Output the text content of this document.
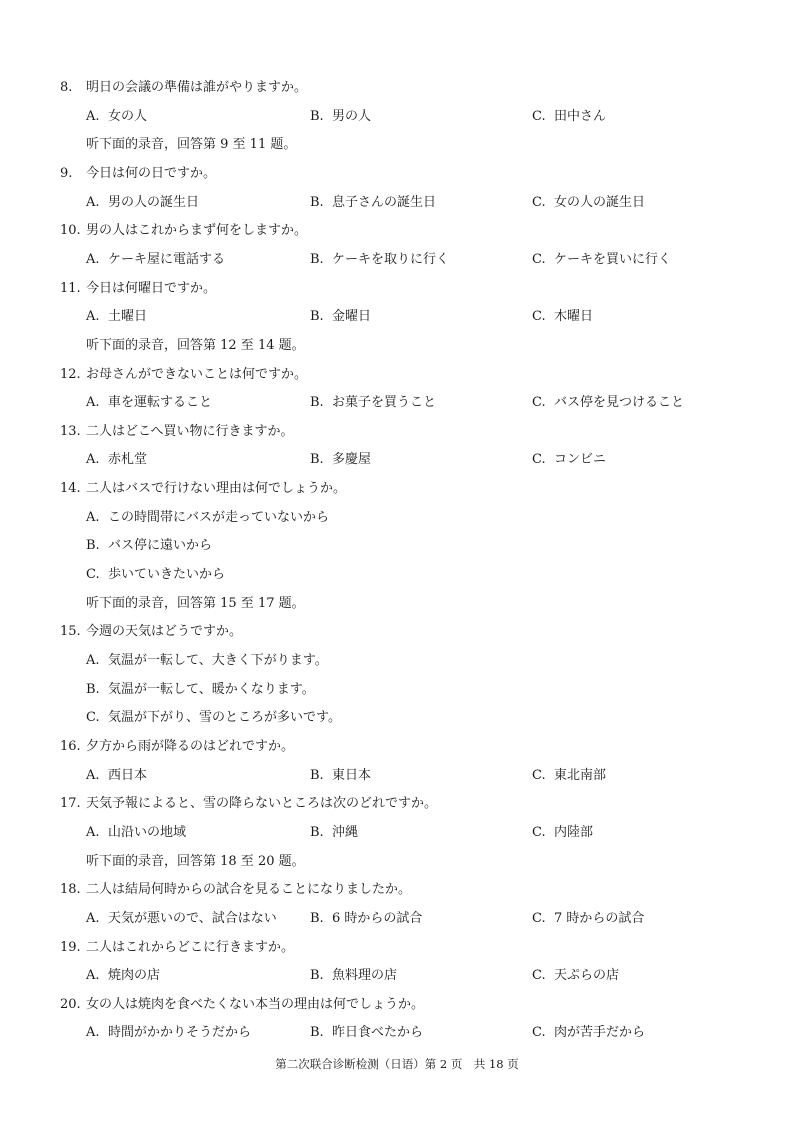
8. 明日の会議の準備は誰がやりますか。
A. 女の人	B. 男の人	C. 田中さん
听下面的录音，回答第 9 至 11 题。
9. 今日は何の日ですか。
A. 男の人の誕生日	B. 息子さんの誕生日	C. 女の人の誕生日
10. 男の人はこれからまず何をしますか。
A. ケーキ屋に電話する	B. ケーキを取りに行く	C. ケーキを買いに行く
11. 今日は何曜日ですか。
A. 土曜日	B. 金曜日	C. 木曜日
听下面的录音，回答第 12 至 14 题。
12. お母さんができないことは何ですか。
A. 車を運転すること	B. お菓子を買うこと	C. バス停を見つけること
13. 二人はどこへ買い物に行きますか。
A. 赤札堂	B. 多慶屋	C. コンビニ
14. 二人はバスで行けない理由は何でしょうか。
A. この時間帯にバスが走っていないから
B. バス停に遠いから
C. 歩いていきたいから
听下面的录音，回答第 15 至 17 题。
15. 今週の天気はどうですか。
A. 気温が一転して、大きく下がります。
B. 気温が一転して、暖かくなります。
C. 気温が下がり、雪のところが多いです。
16. 夕方から雨が降るのはどれですか。
A. 西日本	B. 東日本	C. 東北南部
17. 天気予報によると、雪の降らないところは次のどれですか。
A. 山沿いの地域	B. 沖縄	C. 内陸部
听下面的录音，回答第 18 至 20 题。
18. 二人は結局何時からの試合を見ることになりましたか。
A. 天気が悪いので、試合はない	B. 6 時からの試合	C. 7 時からの試合
19. 二人はこれからどこに行きますか。
A. 焼肉の店	B. 魚料理の店	C. 天ぷらの店
20. 女の人は焼肉を食べたくない本当の理由は何でしょうか。
A. 時間がかかりそうだから	B. 昨日食べたから	C. 肉が苦手だから
第二次联合诊断检测（日语）第 2 页　共 18 页
